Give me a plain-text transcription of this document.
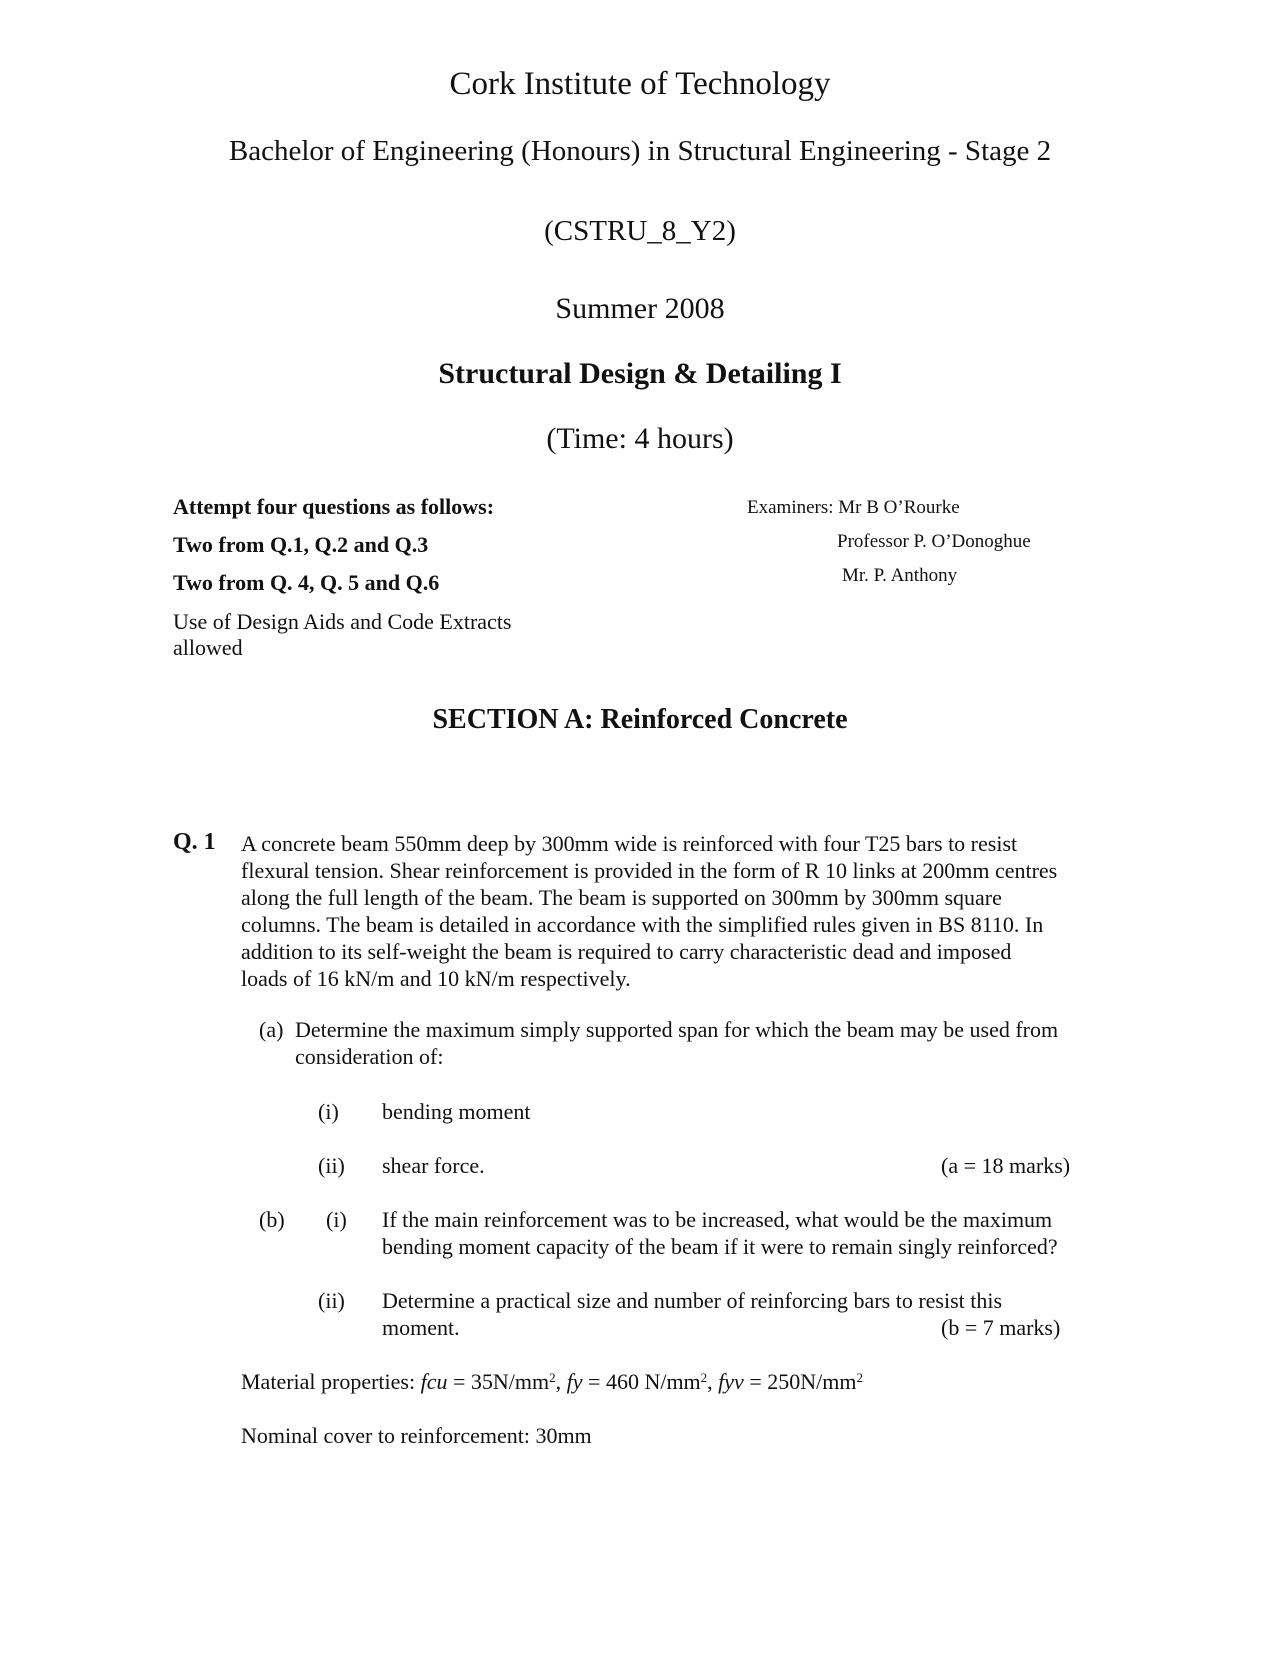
Cork Institute of Technology
Bachelor of Engineering (Honours) in Structural Engineering - Stage 2
(CSTRU_8_Y2)
Summer 2008
Structural Design & Detailing I
(Time: 4 hours)
Attempt four questions as follows:
Two from Q.1, Q.2 and Q.3
Two from Q. 4, Q. 5 and Q.6
Use of Design Aids and Code Extracts
allowed
Examiners: Mr B O’Rourke
Professor P. O’Donoghue
Mr. P. Anthony
SECTION A: Reinforced Concrete
Q. 1 A concrete beam 550mm deep by 300mm wide is reinforced with four T25 bars to resist
flexural tension. Shear reinforcement is provided in the form of R 10 links at 200mm centres
along the full length of the beam. The beam is supported on 300mm by 300mm square
columns. The beam is detailed in accordance with the simplified rules given in BS 8110. In
addition to its self-weight the beam is required to carry characteristic dead and imposed
loads of 16 kN/m and 10 kN/m respectively.
(a) Determine the maximum simply supported span for which the beam may be used from
consideration of:
(i) bending moment
(ii) shear force.	(a = 18 marks)
(b) (i) If the main reinforcement was to be increased, what would be the maximum
bending moment capacity of the beam if it were to remain singly reinforced?
(ii) Determine a practical size and number of reinforcing bars to resist this
moment.	(b = 7 marks)
Material properties: fcu = $35N/mm^2$, fy = 460 $N/mm^2$, fyv = $250N/mm^2$
Nominal cover to reinforcement: 30mm
